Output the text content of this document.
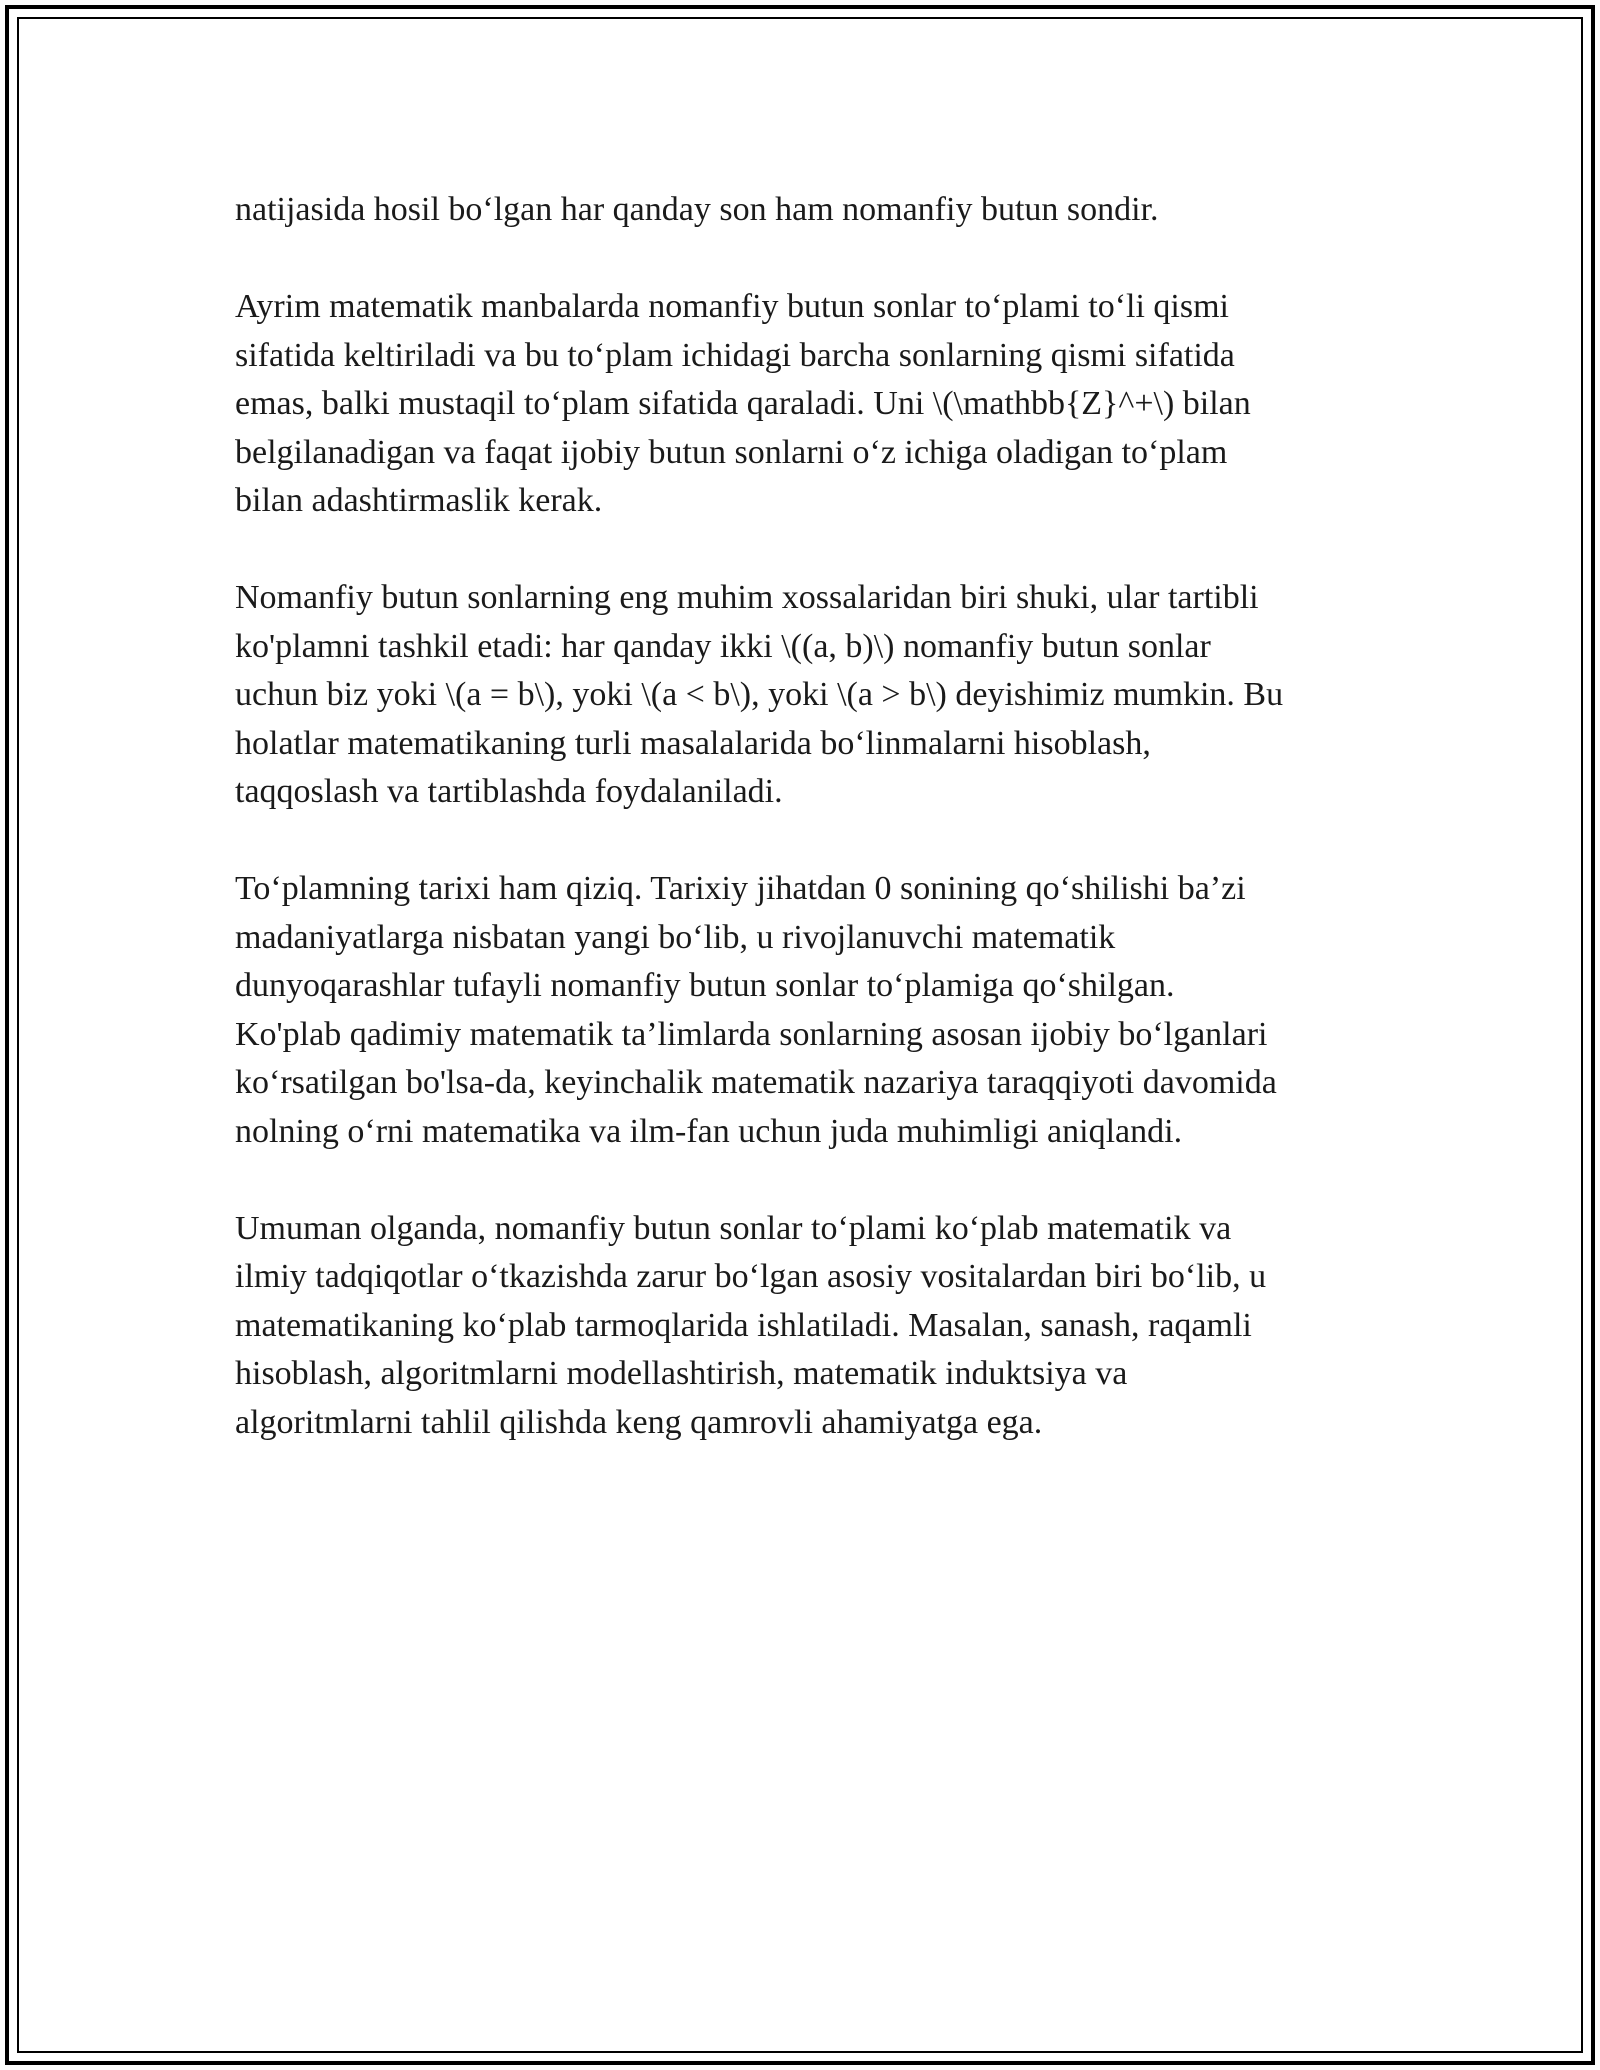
natijasida hosil bo‘lgan har qanday son ham nomanfiy butun sondir.

Ayrim matematik manbalarda nomanfiy butun sonlar to‘plami to‘li qismi
sifatida keltiriladi va bu to‘plam ichidagi barcha sonlarning qismi sifatida
emas, balki mustaqil to‘plam sifatida qaraladi. Uni \(\mathbb{Z}^+\) bilan
belgilanadigan va faqat ijobiy butun sonlarni o‘z ichiga oladigan to‘plam
bilan adashtirmaslik kerak.

Nomanfiy butun sonlarning eng muhim xossalaridan biri shuki, ular tartibli
ko'plamni tashkil etadi: har qanday ikki \((a, b)\) nomanfiy butun sonlar
uchun biz yoki \(a = b\), yoki \(a < b\), yoki \(a > b\) deyishimiz mumkin. Bu
holatlar matematikaning turli masalalarida bo‘linmalarni hisoblash,
taqqoslash va tartiblashda foydalaniladi.

To‘plamning tarixi ham qiziq. Tarixiy jihatdan 0 sonining qo‘shilishi ba’zi
madaniyatlarga nisbatan yangi bo‘lib, u rivojlanuvchi matematik
dunyoqarashlar tufayli nomanfiy butun sonlar to‘plamiga qo‘shilgan.
Ko'plab qadimiy matematik ta’limlarda sonlarning asosan ijobiy bo‘lganlari
ko‘rsatilgan bo'lsa-da, keyinchalik matematik nazariya taraqqiyoti davomida
nolning o‘rni matematika va ilm-fan uchun juda muhimligi aniqlandi.

Umuman olganda, nomanfiy butun sonlar to‘plami ko‘plab matematik va
ilmiy tadqiqotlar o‘tkazishda zarur bo‘lgan asosiy vositalardan biri bo‘lib, u
matematikaning ko‘plab tarmoqlarida ishlatiladi. Masalan, sanash, raqamli
hisoblash, algoritmlarni modellashtirish, matematik induktsiya va
algoritmlarni tahlil qilishda keng qamrovli ahamiyatga ega.
